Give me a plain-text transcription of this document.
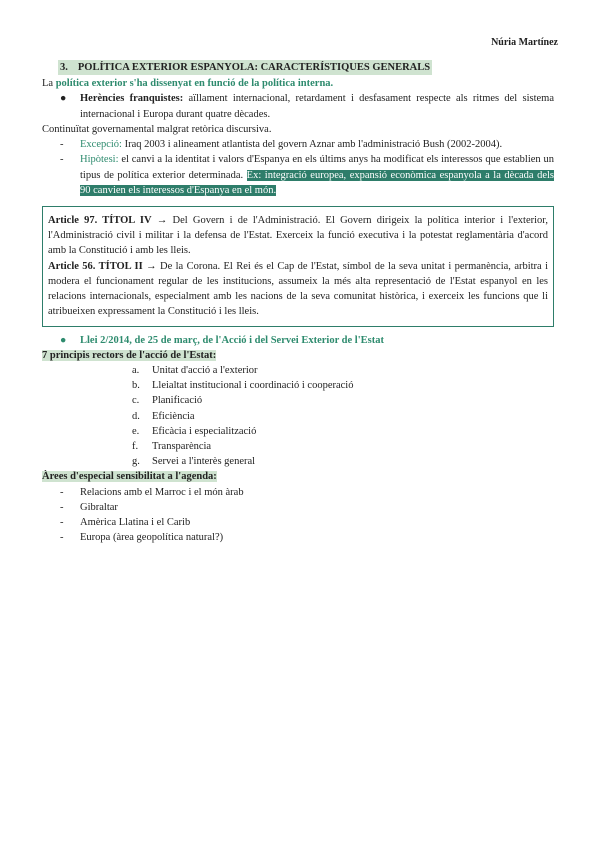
Núria Martínez
3. POLÍTICA EXTERIOR ESPANYOLA: CARACTERÍSTIQUES GENERALS

La política exterior s'ha dissenyat en funció de la política interna.

● Herències franquistes: aïllament internacional, retardament i desfasament respecte als ritmes del sistema internacional i Europa durant quatre dècades.

Continuïtat governamental malgrat retòrica discursiva.

- Excepció: Iraq 2003 i alineament atlantista del govern Aznar amb l'administració Bush (2002-2004).

- Hipòtesi: el canvi a la identitat i valors d'Espanya en els últims anys ha modificat els interessos que establien un tipus de política exterior determinada. Ex: integració europea, expansió econòmica espanyola a la dècada dels 90 canvien els interessos d'Espanya en el món.

Article 97. TÍTOL IV → Del Govern i de l'Administració. El Govern dirigeix la política interior i l'exterior, l'Administració civil i militar i la defensa de l'Estat. Exerceix la funció executiva i la potestat reglamentària d'acord amb la Constitució i amb les lleis.

Article 56. TÍTOL II → De la Corona. El Rei és el Cap de l'Estat, símbol de la seva unitat i permanència, arbitra i modera el funcionament regular de les institucions, assumeix la més alta representació de l'Estat espanyol en les relacions internacionals, especialment amb les nacions de la seva comunitat històrica, i exerceix les funcions que li atribueixen expressament la Constitució i les lleis.

● Llei 2/2014, de 25 de març, de l'Acció i del Servei Exterior de l'Estat

7 principis rectors de l'acció de l'Estat:

a. Unitat d'acció a l'exterior
b. Lleialtat institucional i coordinació i cooperació
c. Planificació
d. Eficiència
e. Eficàcia i especialització
f. Transparència
g. Servei a l'interès general

Àrees d'especial sensibilitat a l'agenda:

- Relacions amb el Marroc i el món àrab

- Gibraltar

- Amèrica Llatina i el Carib

- Europa (àrea geopolítica natural?)
